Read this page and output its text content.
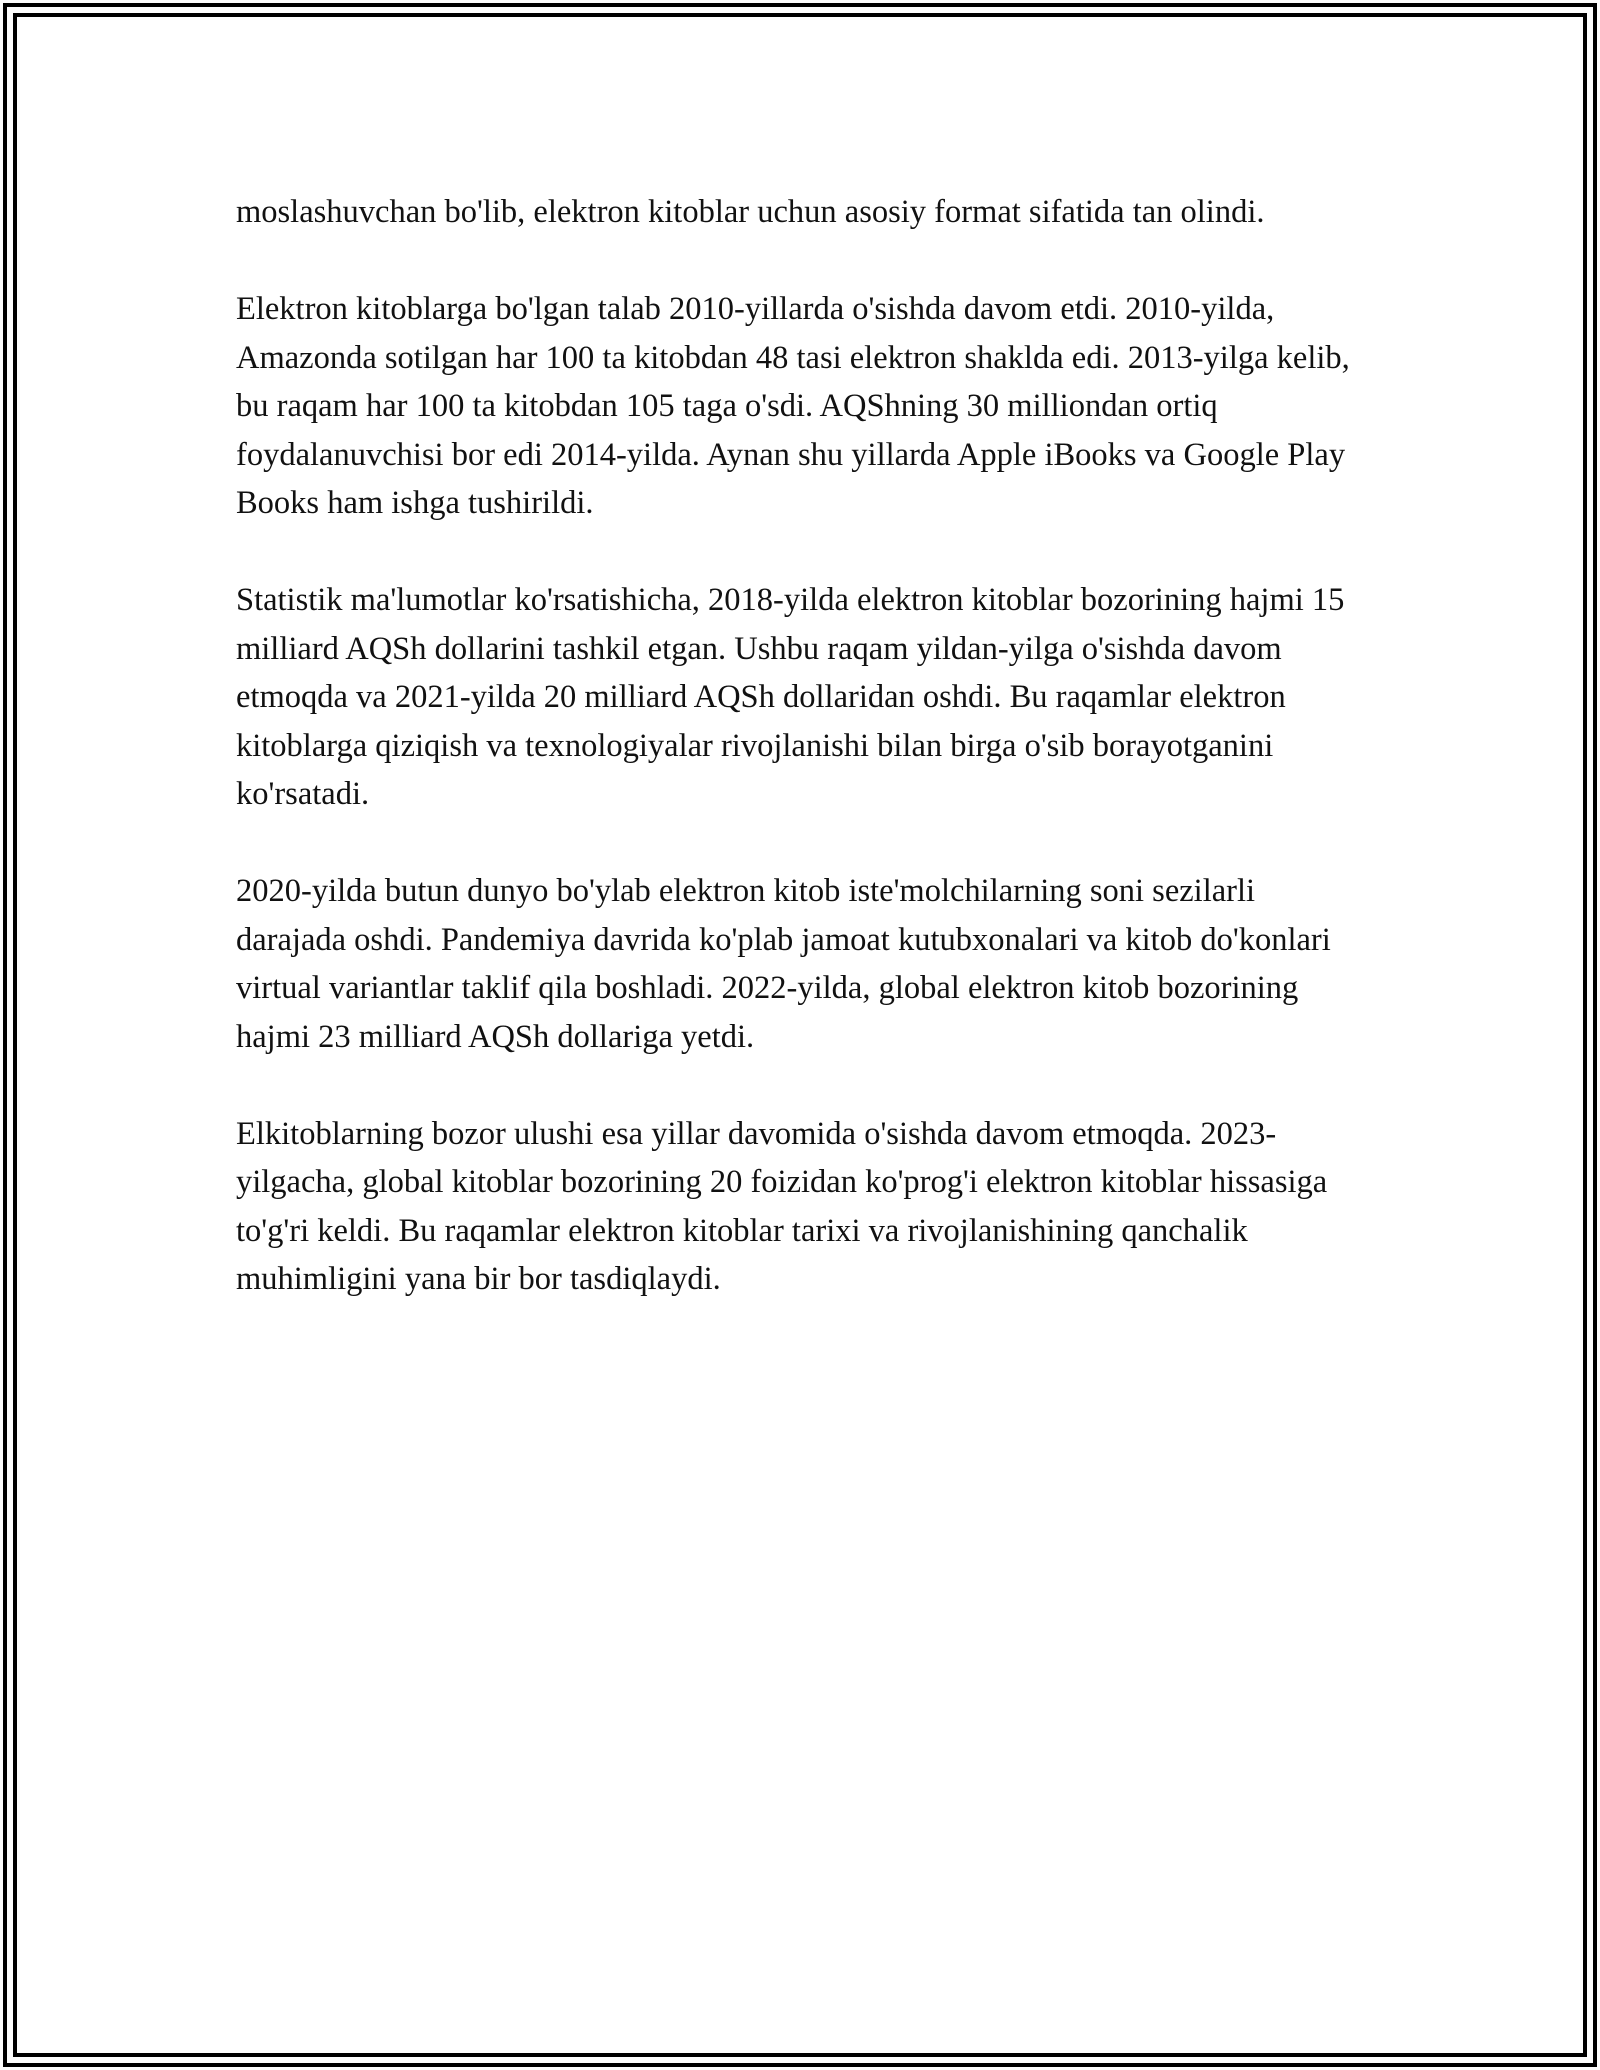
moslashuvchan bo'lib, elektron kitoblar uchun asosiy format sifatida tan olindi.

Elektron kitoblarga bo'lgan talab 2010-yillarda o'sishda davom etdi. 2010-yilda, Amazonda sotilgan har 100 ta kitobdan 48 tasi elektron shaklda edi. 2013-yilga kelib, bu raqam har 100 ta kitobdan 105 taga o'sdi. AQShning 30 milliondan ortiq foydalanuvchisi bor edi 2014-yilda. Aynan shu yillarda Apple iBooks va Google Play Books ham ishga tushirildi.

Statistik ma'lumotlar ko'rsatishicha, 2018-yilda elektron kitoblar bozorining hajmi 15 milliard AQSh dollarini tashkil etgan. Ushbu raqam yildan-yilga o'sishda davom etmoqda va 2021-yilda 20 milliard AQSh dollaridan oshdi. Bu raqamlar elektron kitoblarga qiziqish va texnologiyalar rivojlanishi bilan birga o'sib borayotganini ko'rsatadi.

2020-yilda butun dunyo bo'ylab elektron kitob iste'molchilarning soni sezilarli darajada oshdi. Pandemiya davrida ko'plab jamoat kutubxonalari va kitob do'konlari virtual variantlar taklif qila boshladi. 2022-yilda, global elektron kitob bozorining hajmi 23 milliard AQSh dollariga yetdi.

Elkitoblarning bozor ulushi esa yillar davomida o'sishda davom etmoqda. 2023-yilgacha, global kitoblar bozorining 20 foizidan ko'prog'i elektron kitoblar hissasiga to'g'ri keldi. Bu raqamlar elektron kitoblar tarixi va rivojlanishining qanchalik muhimligini yana bir bor tasdiqlaydi.
